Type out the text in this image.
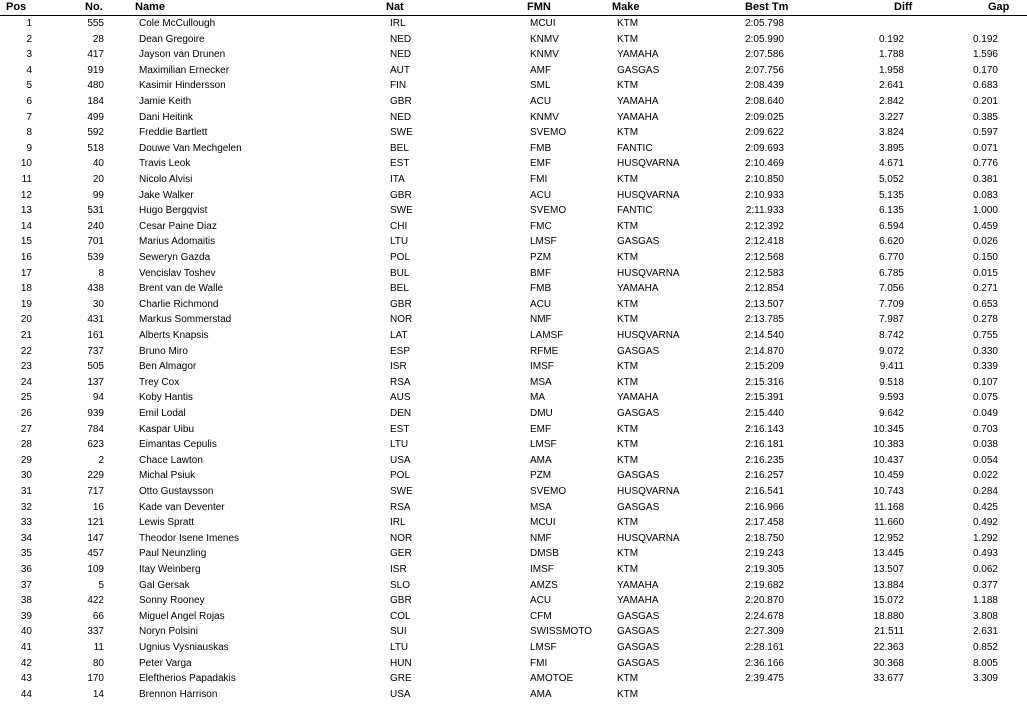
Pos	No.	Name	Nat	FMN	Make	Best Tm	Diff	Gap
1	555	Cole McCullough	IRL	MCUI	KTM	2:05.798
2	28	Dean Gregoire	NED	KNMV	KTM	2:05.990	0.192	0.192
3	417	Jayson van Drunen	NED	KNMV	YAMAHA	2:07.586	1.788	1.596
4	919	Maximilian Ernecker	AUT	AMF	GASGAS	2:07.756	1.958	0.170
5	480	Kasimir Hindersson	FIN	SML	KTM	2:08.439	2.641	0.683
6	184	Jamie Keith	GBR	ACU	YAMAHA	2:08.640	2.842	0.201
7	499	Dani Heitink	NED	KNMV	YAMAHA	2:09.025	3.227	0.385
8	592	Freddie Bartlett	SWE	SVEMO	KTM	2:09.622	3.824	0.597
9	518	Douwe Van Mechgelen	BEL	FMB	FANTIC	2:09.693	3.895	0.071
10	40	Travis Leok	EST	EMF	HUSQVARNA	2:10.469	4.671	0.776
11	20	Nicolo Alvisi	ITA	FMI	KTM	2:10.850	5.052	0.381
12	99	Jake Walker	GBR	ACU	HUSQVARNA	2:10.933	5.135	0.083
13	531	Hugo Bergqvist	SWE	SVEMO	FANTIC	2:11.933	6.135	1.000
14	240	Cesar Paine Diaz	CHI	FMC	KTM	2:12.392	6.594	0.459
15	701	Marius Adomaitis	LTU	LMSF	GASGAS	2:12.418	6.620	0.026
16	539	Seweryn Gazda	POL	PZM	KTM	2:12.568	6.770	0.150
17	8	Vencislav Toshev	BUL	BMF	HUSQVARNA	2:12.583	6.785	0.015
18	438	Brent van de Walle	BEL	FMB	YAMAHA	2:12.854	7.056	0.271
19	30	Charlie Richmond	GBR	ACU	KTM	2:13.507	7.709	0.653
20	431	Markus Sommerstad	NOR	NMF	KTM	2:13.785	7.987	0.278
21	161	Alberts Knapsis	LAT	LAMSF	HUSQVARNA	2:14.540	8.742	0.755
22	737	Bruno Miro	ESP	RFME	GASGAS	2:14.870	9.072	0.330
23	505	Ben Almagor	ISR	IMSF	KTM	2:15.209	9.411	0.339
24	137	Trey Cox	RSA	MSA	KTM	2:15.316	9.518	0.107
25	94	Koby Hantis	AUS	MA	YAMAHA	2:15.391	9.593	0.075
26	939	Emil Lodal	DEN	DMU	GASGAS	2:15.440	9.642	0.049
27	784	Kaspar Uibu	EST	EMF	KTM	2:16.143	10.345	0.703
28	623	Eimantas Cepulis	LTU	LMSF	KTM	2:16.181	10.383	0.038
29	2	Chace Lawton	USA	AMA	KTM	2:16.235	10.437	0.054
30	229	Michal Psiuk	POL	PZM	GASGAS	2:16.257	10.459	0.022
31	717	Otto Gustavsson	SWE	SVEMO	HUSQVARNA	2:16.541	10.743	0.284
32	16	Kade van Deventer	RSA	MSA	GASGAS	2:16.966	11.168	0.425
33	121	Lewis Spratt	IRL	MCUI	KTM	2:17.458	11.660	0.492
34	147	Theodor Isene Imenes	NOR	NMF	HUSQVARNA	2:18.750	12.952	1.292
35	457	Paul Neunzling	GER	DMSB	KTM	2:19.243	13.445	0.493
36	109	Itay Weinberg	ISR	IMSF	KTM	2:19.305	13.507	0.062
37	5	Gal Gersak	SLO	AMZS	YAMAHA	2:19.682	13.884	0.377
38	422	Sonny Rooney	GBR	ACU	YAMAHA	2:20.870	15.072	1.188
39	66	Miguel Angel Rojas	COL	CFM	GASGAS	2:24.678	18.880	3.808
40	337	Noryn Polsini	SUI	SWISSMOTO	GASGAS	2:27.309	21.511	2.631
41	11	Ugnius Vysniauskas	LTU	LMSF	GASGAS	2:28.161	22.363	0.852
42	80	Peter Varga	HUN	FMI	GASGAS	2:36.166	30.368	8.005
43	170	Eleftherios Papadakis	GRE	AMOTOE	KTM	2:39.475	33.677	3.309
44	14	Brennon Harrison	USA	AMA	KTM
